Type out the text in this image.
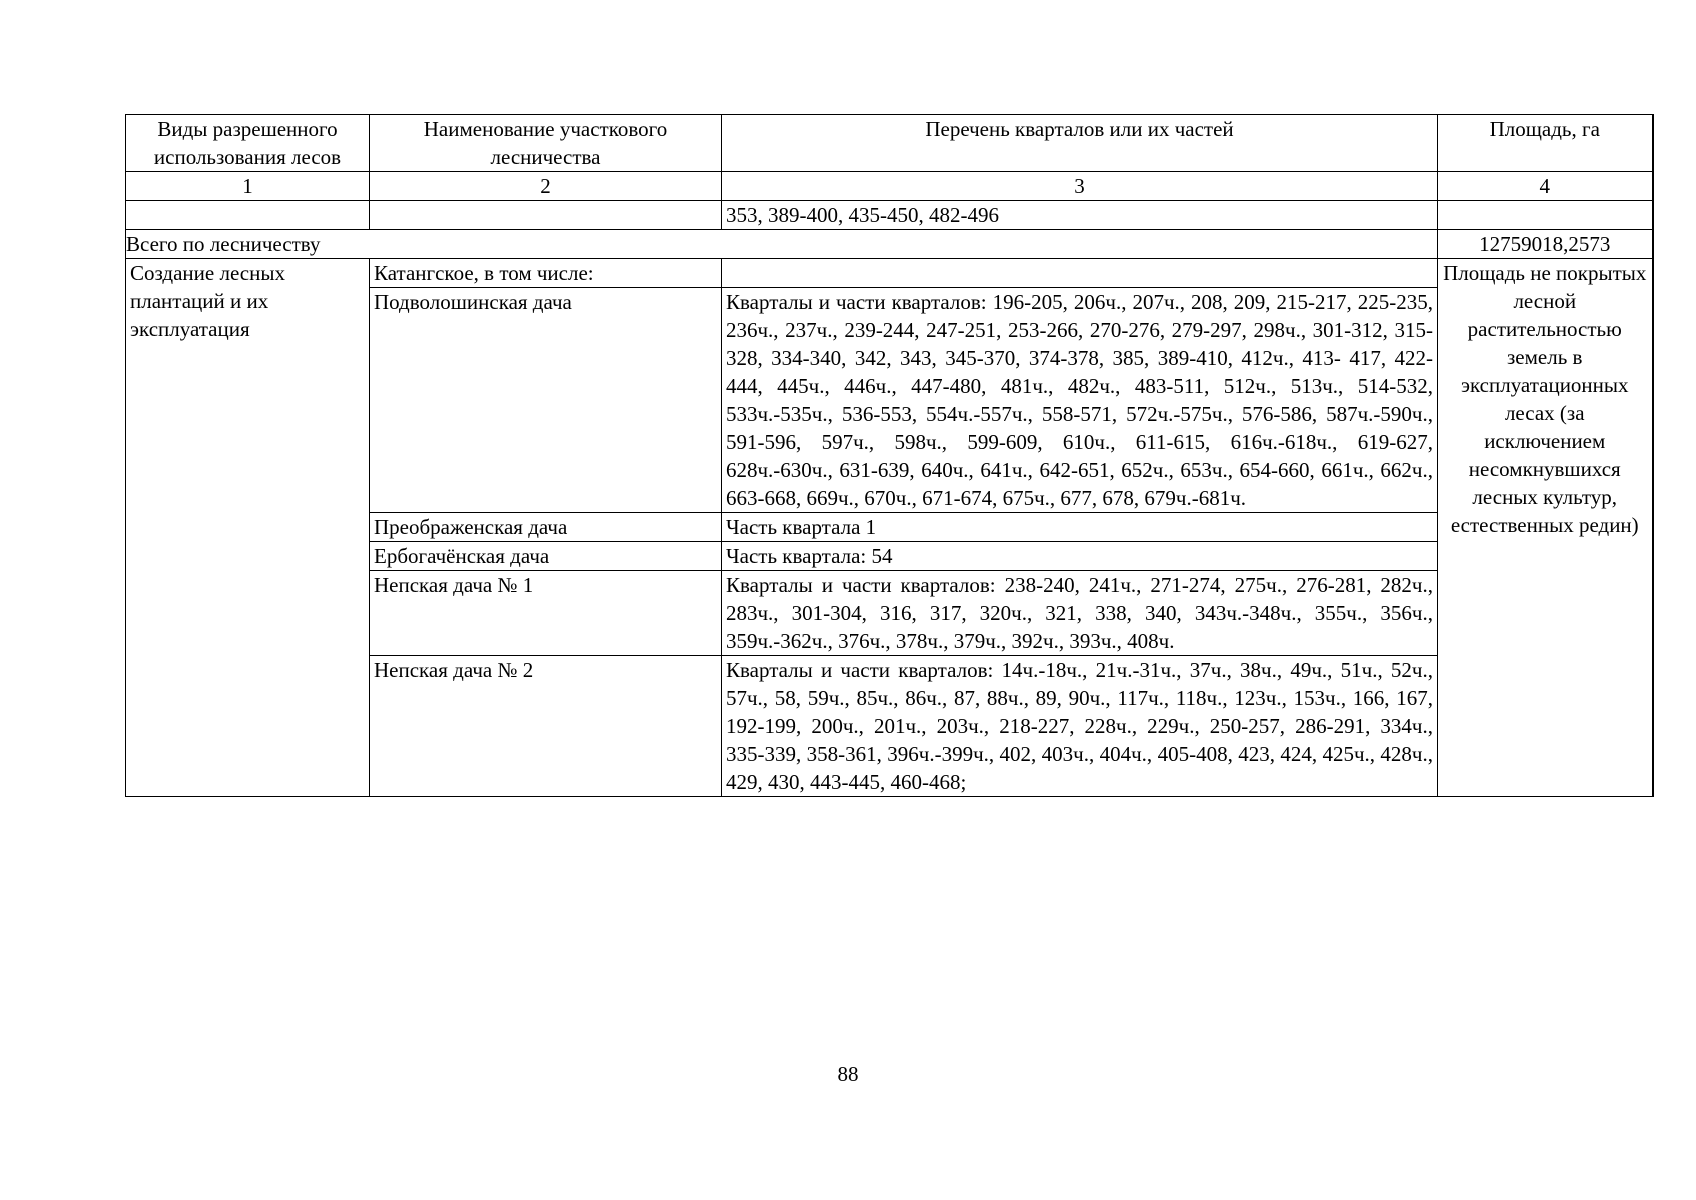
Виды разрешенного использования лесов	Наименование участкового лесничества	Перечень кварталов или их частей	Площадь, га
1	2	3	4
		353, 389-400, 435-450, 482-496	
Всего по лесничеству			12759018,2573
Создание лесных плантаций и их эксплуатация	Катангское, в том числе:		Площадь не покрытых лесной растительностью земель в эксплуатационных лесах (за исключением несомкнувшихся лесных культур, естественных редин)
	Подволошинская дача	Кварталы и части кварталов: 196-205, 206ч., 207ч., 208, 209, 215-217, 225-235, 236ч., 237ч., 239-244, 247-251, 253-266, 270-276, 279-297, 298ч., 301-312, 315-328, 334-340, 342, 343, 345-370, 374-378, 385, 389-410, 412ч., 413- 417, 422-444, 445ч., 446ч., 447-480, 481ч., 482ч., 483-511, 512ч., 513ч., 514-532, 533ч.-535ч., 536-553, 554ч.-557ч., 558-571, 572ч.-575ч., 576-586, 587ч.-590ч., 591-596, 597ч., 598ч., 599-609, 610ч., 611-615, 616ч.-618ч., 619-627, 628ч.-630ч., 631-639, 640ч., 641ч., 642-651, 652ч., 653ч., 654-660, 661ч., 662ч., 663-668, 669ч., 670ч., 671-674, 675ч., 677, 678, 679ч.-681ч.	
	Преображенская дача	Часть квартала 1	
	Ербогачёнская дача	Часть квартала: 54	
	Непская дача № 1	Кварталы и части кварталов: 238-240, 241ч., 271-274, 275ч., 276-281, 282ч., 283ч., 301-304, 316, 317, 320ч., 321, 338, 340, 343ч.-348ч., 355ч., 356ч., 359ч.-362ч., 376ч., 378ч., 379ч., 392ч., 393ч., 408ч.	
	Непская дача № 2	Кварталы и части кварталов: 14ч.-18ч., 21ч.-31ч., 37ч., 38ч., 49ч., 51ч., 52ч., 57ч., 58, 59ч., 85ч., 86ч., 87, 88ч., 89, 90ч., 117ч., 118ч., 123ч., 153ч., 166, 167, 192-199, 200ч., 201ч., 203ч., 218-227, 228ч., 229ч., 250-257, 286-291, 334ч., 335-339, 358-361, 396ч.-399ч., 402, 403ч., 404ч., 405-408, 423, 424, 425ч., 428ч., 429, 430, 443-445, 460-468;	
88
